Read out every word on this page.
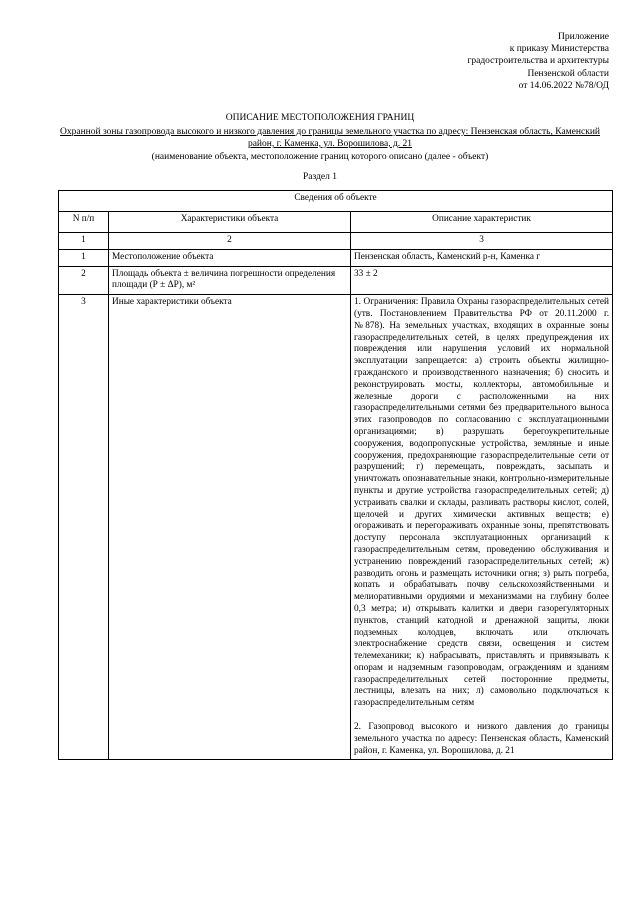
Приложение
к приказу Министерства
градостроительства и архитектуры
Пензенской области
от 14.06.2022 №78/ОД
ОПИСАНИЕ МЕСТОПОЛОЖЕНИЯ ГРАНИЦ
Охранной зоны газопровода высокого и низкого давления до границы земельного участка по адресу: Пензенская область, Каменский район, г. Каменка, ул. Ворошилова, д. 21
(наименование объекта, местоположение границ которого описано (далее - объект)
Раздел 1
Сведения об объекте		
N п/п	Характеристики объекта	Описание характеристик
1	2	3
1	Местоположение объекта	Пензенская область, Каменский р-н, Каменка г
2	Площадь объекта ± величина погрешности определения площади (Р ± ΔР), м²	33 ± 2
3	Иные характеристики объекта	1. Ограничения: Правила Охраны газораспределительных сетей (утв. Постановлением Правительства РФ от 20.11.2000 г. №878). На земельных участках, входящих в охранные зоны газораспределительных сетей, в целях предупреждения их повреждения или нарушения условий их нормальной эксплуатации запрещается: а) строить объекты жилищно-гражданского и производственного назначения; б) сносить и реконструировать мосты, коллекторы, автомобильные и железные дороги с расположенными на них газораспределительными сетями без предварительного выноса этих газопроводов по согласованию с эксплуатационными организациями; в) разрушать берегоукрепительные сооружения, водопропускные устройства, земляные и иные сооружения, предохраняющие газораспределительные сети от разрушений; г) перемещать, повреждать, засыпать и уничтожать опознавательные знаки, контрольно-измерительные пункты и другие устройства газораспределительных сетей; д) устраивать свалки и склады, разливать растворы кислот, солей, щелочей и других химически активных веществ; е) огораживать и перегораживать охранные зоны, препятствовать доступу персонала эксплуатационных организаций к газораспределительным сетям, проведению обслуживания и устранению повреждений газораспределительных сетей; ж) разводить огонь и размещать источники огня; з) рыть погреба, копать и обрабатывать почву сельскохозяйственными и мелиоративными орудиями и механизмами на глубину более 0,3 метра; и) открывать калитки и двери газорегуляторных пунктов, станций катодной и дренажной защиты, люки подземных колодцев, включать или отключать электроснабжение средств связи, освещения и систем телемеханики; к) набрасывать, приставлять и привязывать к опорам и надземным газопроводам, ограждениям и зданиям газораспределительных сетей посторонние предметы, лестницы, влезать на них; л) самовольно подключаться к газораспределительным сетям

2. Газопровод высокого и низкого давления до границы земельного участка по адресу: Пензенская область, Каменский район, г. Каменка, ул. Ворошилова, д. 21
